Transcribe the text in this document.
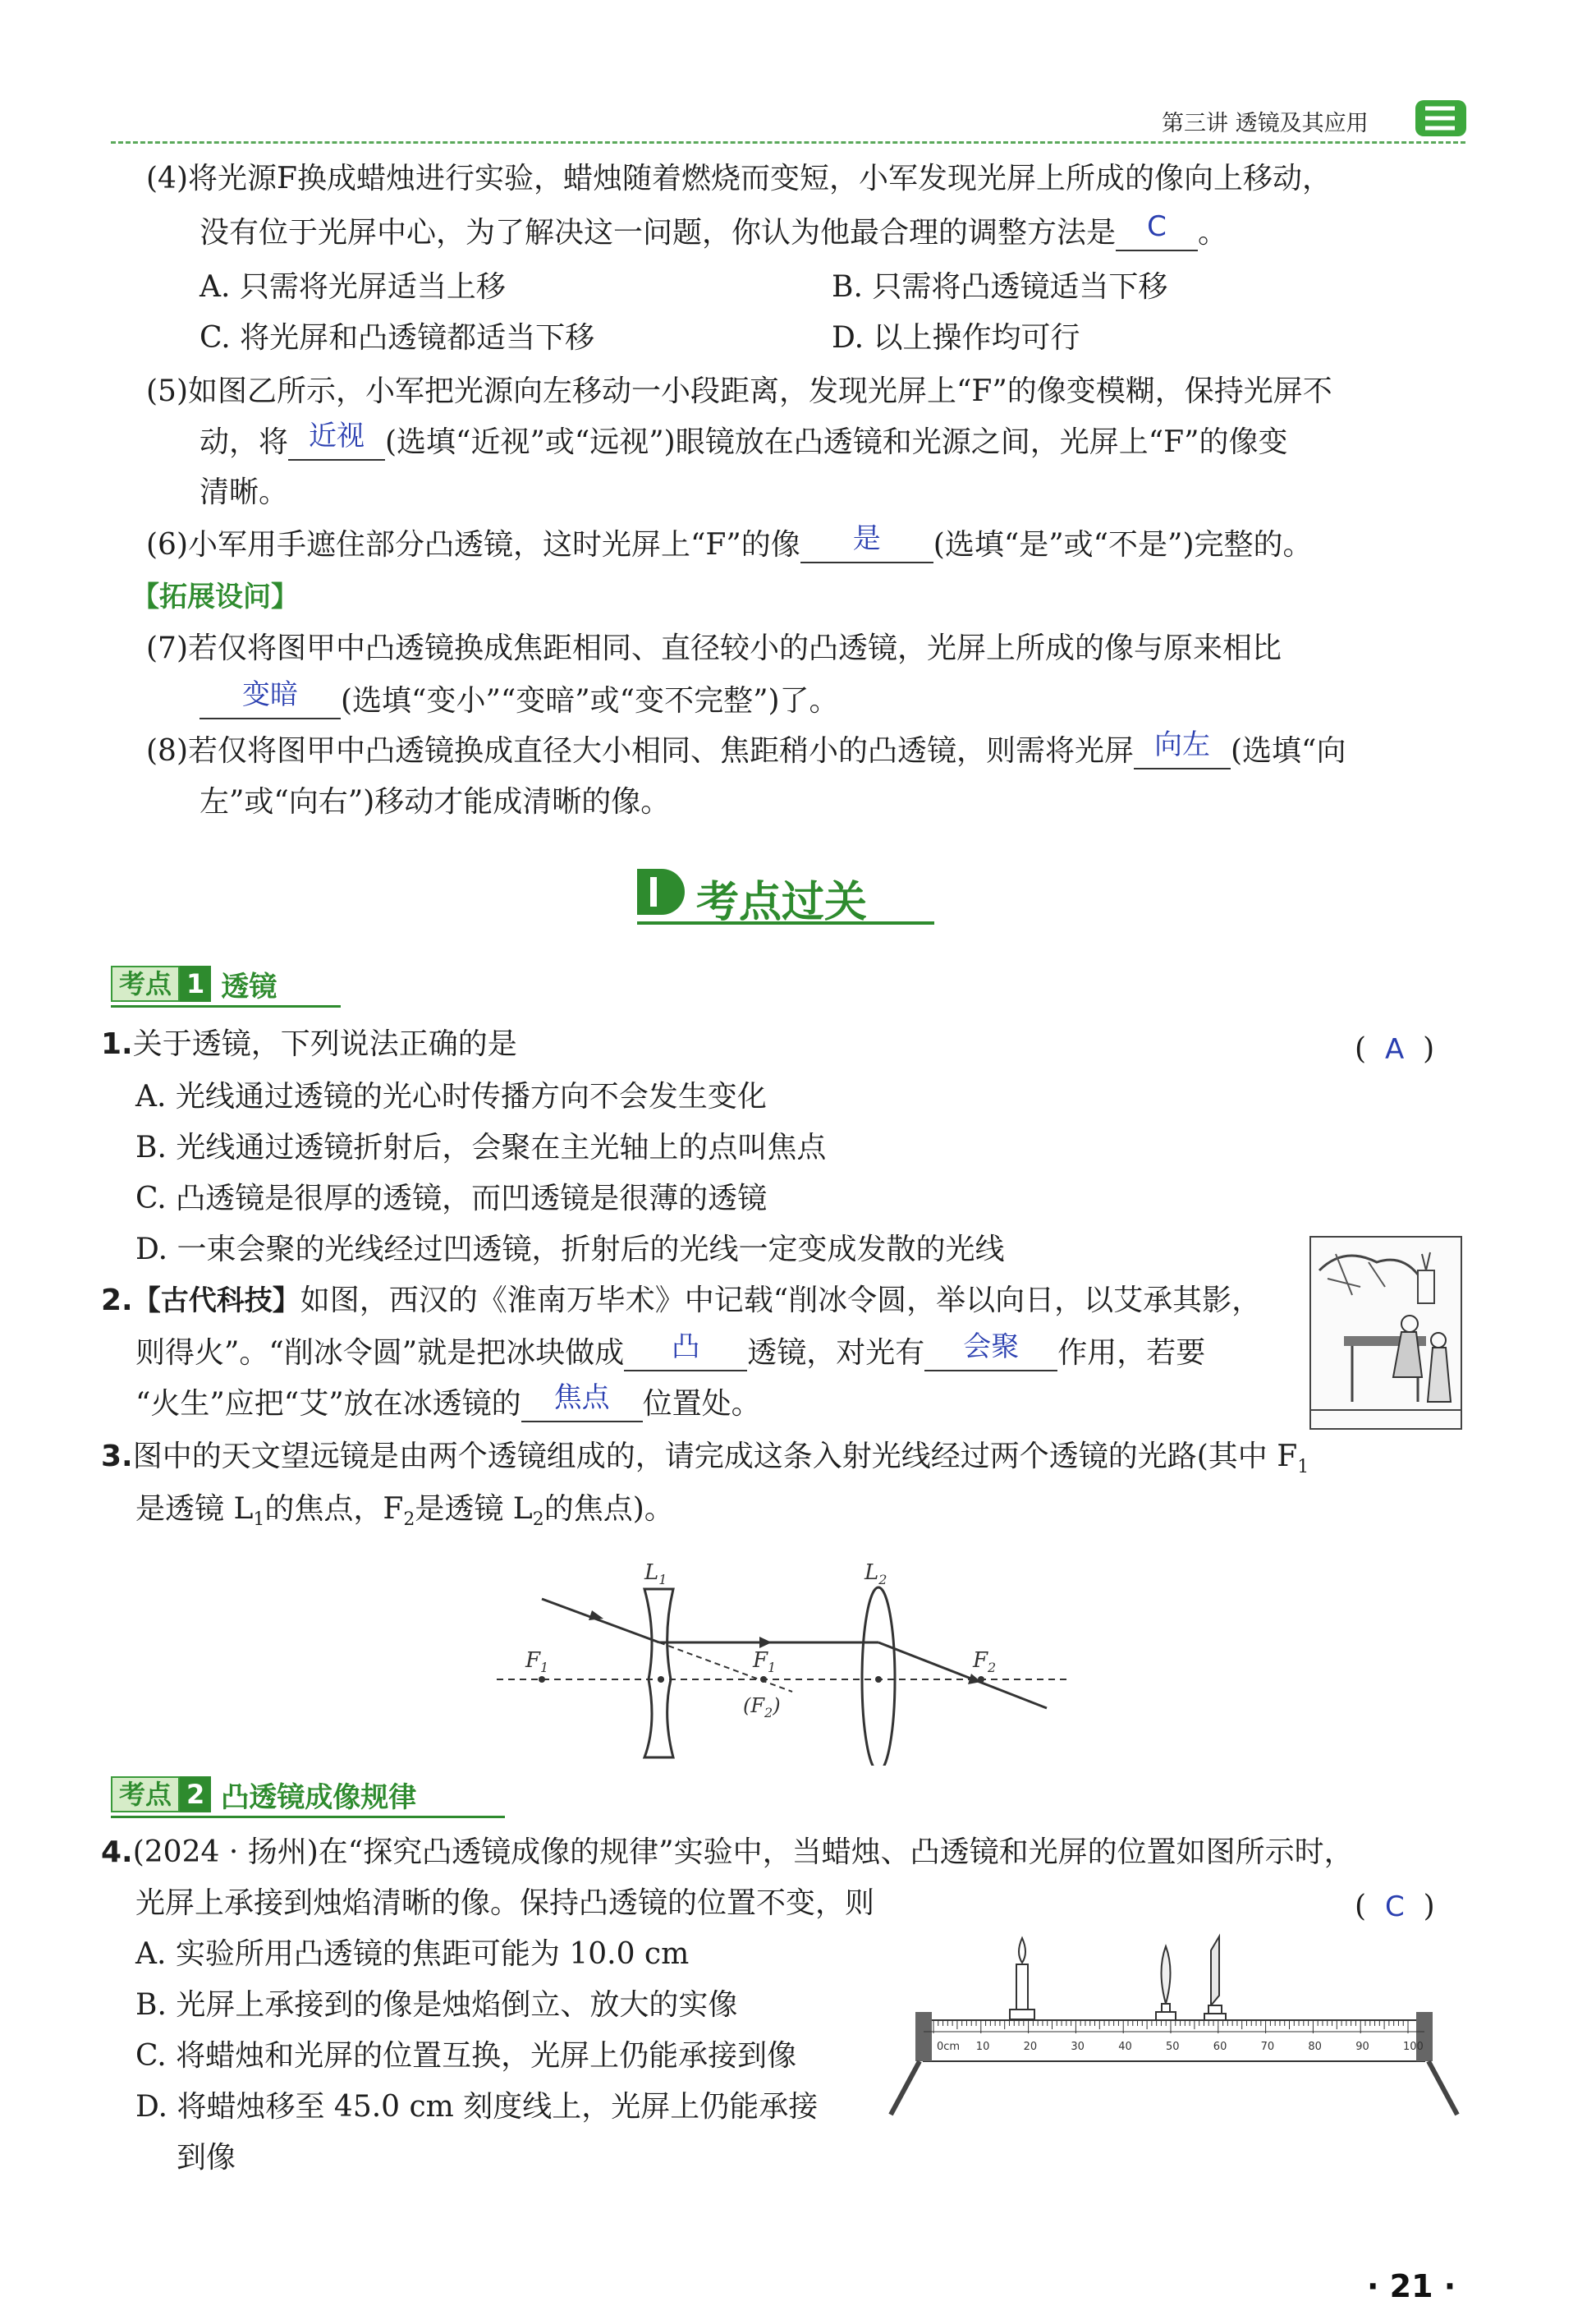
第三讲 透镜及其应用
(4)将光源F换成蜡烛进行实验，蜡烛随着燃烧而变短，小军发现光屏上所成的像向上移动，
没有位于光屏中心，为了解决这一问题，你认为他最合理的调整方法是	C	。
A. 只需将光屏适当上移	B. 只需将凸透镜适当下移
C. 将光屏和凸透镜都适当下移	D. 以上操作均可行
(5)如图乙所示，小军把光源向左移动一小段距离，发现光屏上“F”的像变模糊，保持光屏不
动，将 近视 (选填“近视”或“远视”)眼镜放在凸透镜和光源之间，光屏上“F”的像变
清晰。
(6)小军用手遮住部分凸透镜，这时光屏上“F”的像	是	(选填“是”或“不是”)完整的。
【拓展设问】
(7)若仅将图甲中凸透镜换成焦距相同、直径较小的凸透镜，光屏上所成的像与原来相比
变暗	(选填“变小”“变暗”或“变不完整”)了。
(8)若仅将图甲中凸透镜换成直径大小相同、焦距稍小的凸透镜，则需将光屏 向左 (选填“向
左”或“向右”)移动才能成清晰的像。
考点过关
考点 1 透镜
1.关于透镜，下列说法正确的是	(  A  )
A. 光线通过透镜的光心时传播方向不会发生变化
B. 光线通过透镜折射后，会聚在主光轴上的点叫焦点
C. 凸透镜是很厚的透镜，而凹透镜是很薄的透镜
D. 一束会聚的光线经过凹透镜，折射后的光线一定变成发散的光线
2.【古代科技】如图，西汉的《淮南万毕术》中记载“削冰令圆，举以向日，以艾承其影，
则得火”。“削冰令圆”就是把冰块做成	凸	透镜，对光有	会聚	作用，若要
“火生”应把“艾”放在冰透镜的	焦点	位置处。
3.图中的天文望远镜是由两个透镜组成的，请完成这条入射光线经过两个透镜的光路(其中 $F_1$
是透镜 $L_1$的焦点，$F_2$是透镜 $L_2$的焦点)。
$L_1$	$L_2$
$F_1$	$F_1$
$(F_2)$
$F_2$
考点 2 凸透镜成像规律
4.(2024 · 扬州)在“探究凸透镜成像的规律”实验中，当蜡烛、凸透镜和光屏的位置如图所示时，
光屏上承接到烛焰清晰的像。保持凸透镜的位置不变，则	(  C  )
A. 实验所用凸透镜的焦距可能为 10.0 cm
B. 光屏上承接到的像是烛焰倒立、放大的实像
C. 将蜡烛和光屏的位置互换，光屏上仍能承接到像
D. 将蜡烛移至 45.0 cm 刻度线上，光屏上仍能承接
到像
0cm 10	20	30	40	50	60	70	80	90	100
· 21 ·
